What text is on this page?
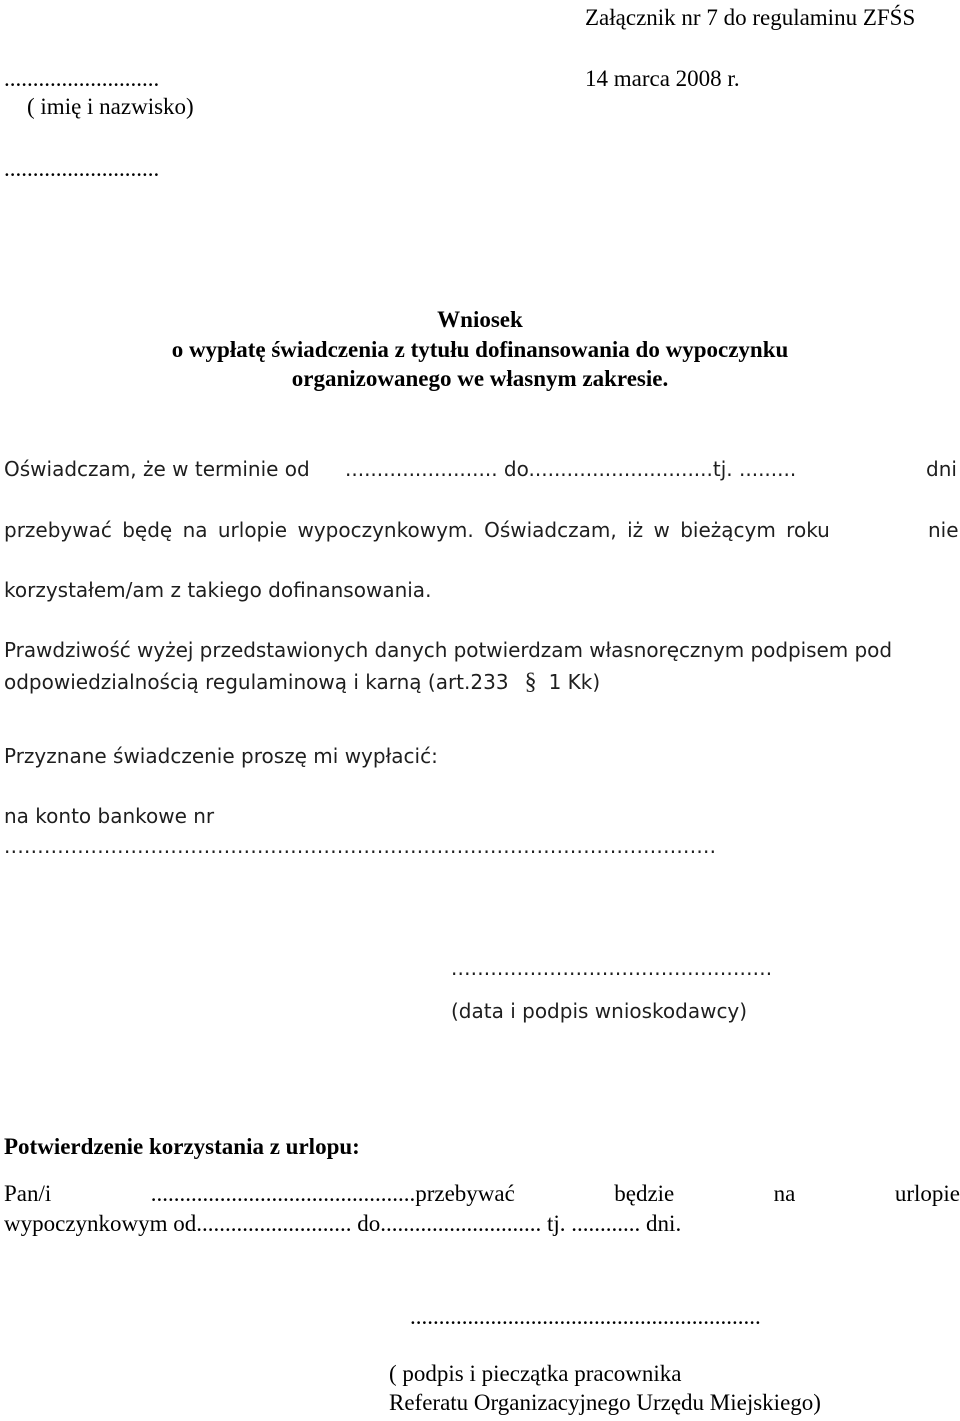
Załącznik nr 7 do regulaminu ZFŚS
...........................	14 marca 2008 r.
( imię i nazwisko)
...........................
Wniosek
o wypłatę świadczenia z tytułu dofinansowania do wypoczynku
organizowanego we własnym zakresie.
Oświadczam, że w terminie od ........................ do.............................tj. .........	dni
przebywać będę na urlopie wypoczynkowym. Oświadczam, iż w bieżącym roku	nie
korzystałem/am z takiego dofinansowania.
Prawdziwość wyżej przedstawionych danych potwierdzam własnoręcznym podpisem pod
odpowiedzialnością regulaminową i karną (art.233 § 1 Kk)
Przyznane świadczenie proszę mi wypłacić:
na konto bankowe nr
...........................................................................................................
.................................................
(data i podpis wnioskodawcy)
Potwierdzenie korzystania z urlopu:
Pan/i	..............................................przebywać	będzie	na	urlopie
wypoczynkowym od........................... do............................ tj. ............ dni.
.............................................................
( podpis i pieczątka pracownika
Referatu Organizacyjnego Urzędu Miejskiego)
